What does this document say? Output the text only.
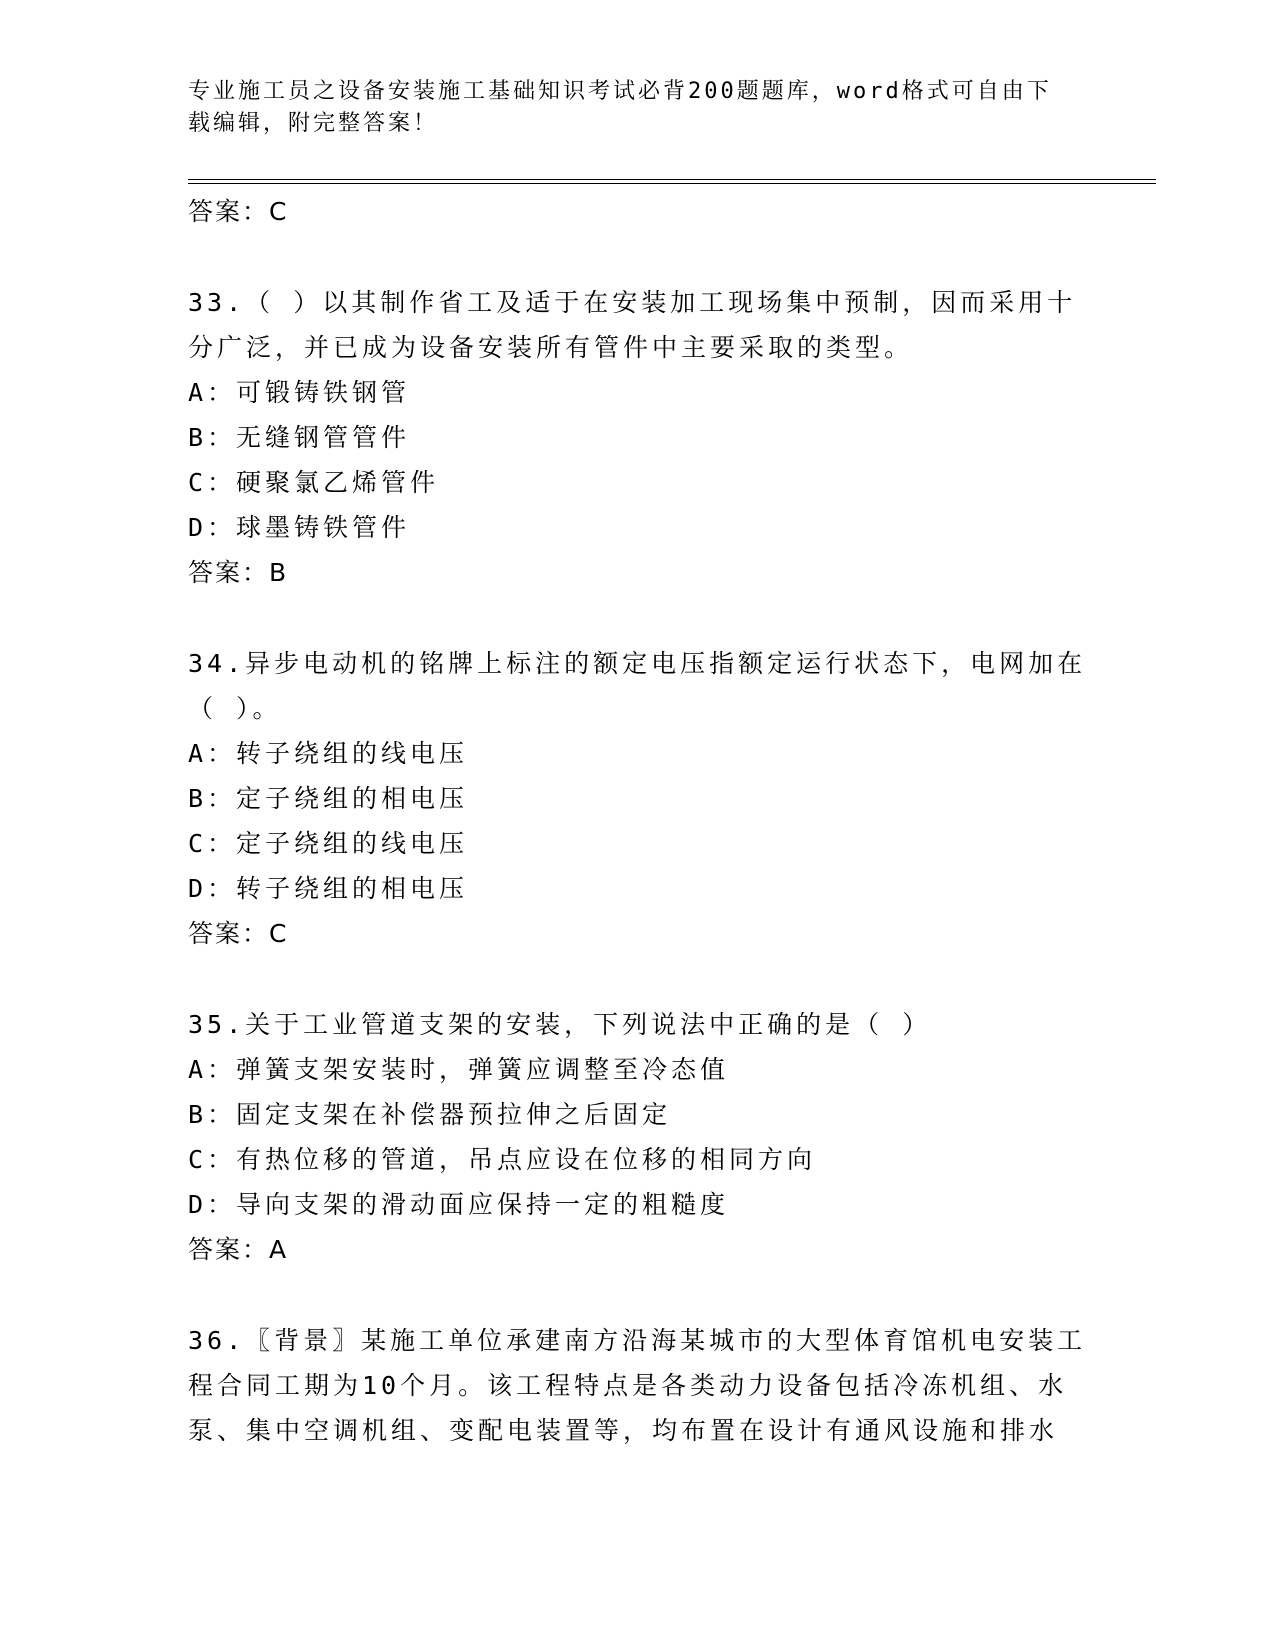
专业施工员之设备安装施工基础知识考试必背200题题库，word格式可自由下载编辑，附完整答案！

答案：C

33.（ ）以其制作省工及适于在安装加工现场集中预制，因而采用十分广泛，并已成为设备安装所有管件中主要采取的类型。

A：可锻铸铁钢管
B：无缝钢管管件
C：硬聚氯乙烯管件
D：球墨铸铁管件
答案：B

34.异步电动机的铭牌上标注的额定电压指额定运行状态下，电网加在（ ）。

A：转子绕组的线电压
B：定子绕组的相电压
C：定子绕组的线电压
D：转子绕组的相电压
答案：C

35.关于工业管道支架的安装，下列说法中正确的是（ ）

A：弹簧支架安装时，弹簧应调整至冷态值
B：固定支架在补偿器预拉伸之后固定
C：有热位移的管道，吊点应设在位移的相同方向
D：导向支架的滑动面应保持一定的粗糙度
答案：A

36.〖背景〗某施工单位承建南方沿海某城市的大型体育馆机电安装工程合同工期为10个月。该工程特点是各类动力设备包括冷冻机组、水泵、集中空调机组、变配电装置等，均布置在设计有通风设施和排水
